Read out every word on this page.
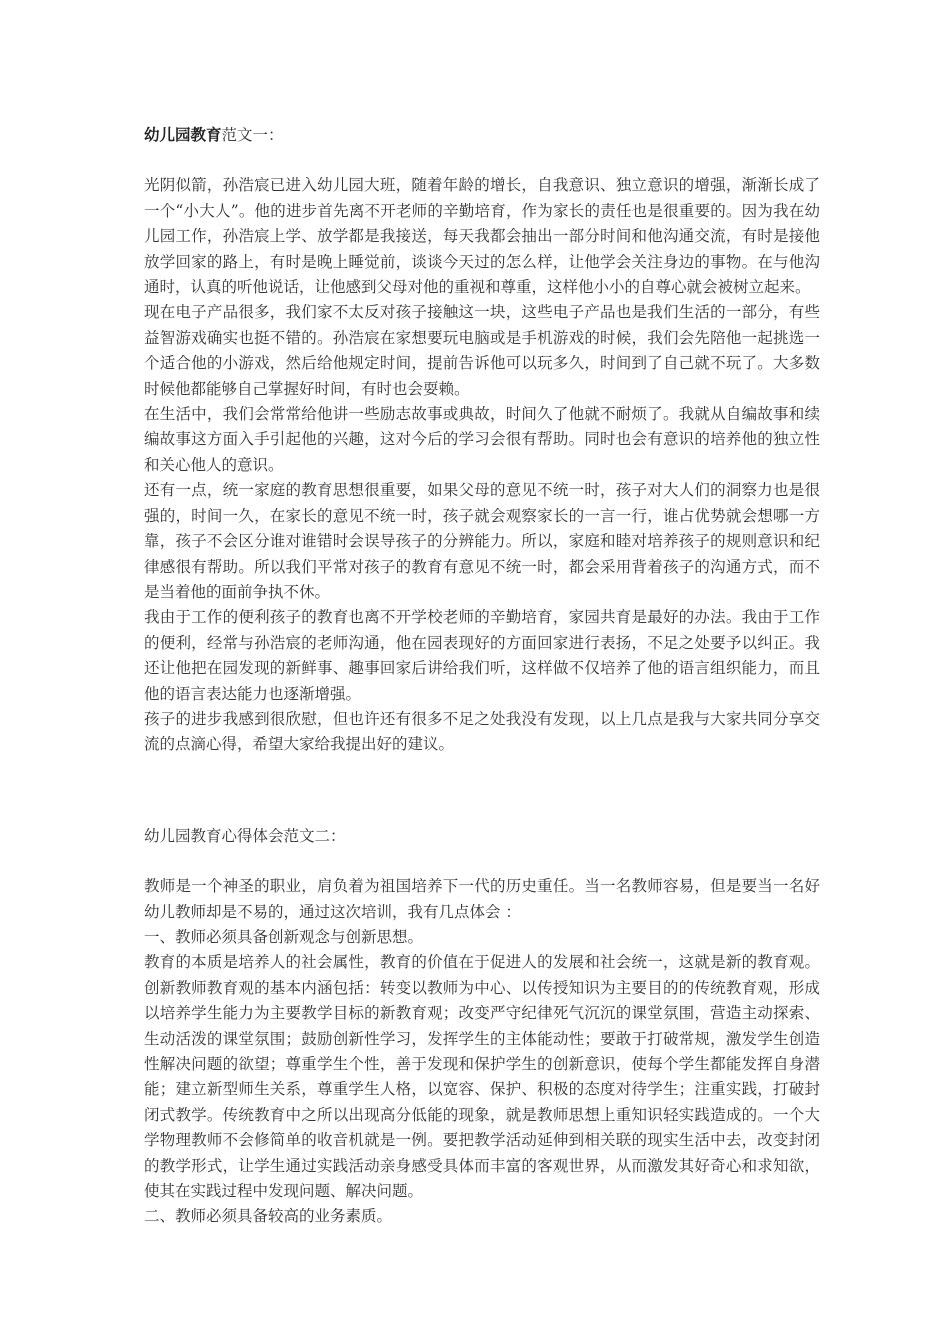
幼儿园教育范文一：

光阴似箭，孙浩宸已进入幼儿园大班，随着年龄的增长，自我意识、独立意识的增强，渐渐长成了一个“小大人”。他的进步首先离不开老师的辛勤培育，作为家长的责任也是很重要的。因为我在幼儿园工作，孙浩宸上学、放学都是我接送，每天我都会抽出一部分时间和他沟通交流，有时是接他放学回家的路上，有时是晚上睡觉前，谈谈今天过的怎么样，让他学会关注身边的事物。在与他沟通时，认真的听他说话，让他感到父母对他的重视和尊重，这样他小小的自尊心就会被树立起来。

现在电子产品很多，我们家不太反对孩子接触这一块，这些电子产品也是我们生活的一部分，有些益智游戏确实也挺不错的。孙浩宸在家想要玩电脑或是手机游戏的时候，我们会先陪他一起挑选一个适合他的小游戏，然后给他规定时间，提前告诉他可以玩多久，时间到了自己就不玩了。大多数时候他都能够自己掌握好时间，有时也会耍赖。

在生活中，我们会常常给他讲一些励志故事或典故，时间久了他就不耐烦了。我就从自编故事和续编故事这方面入手引起他的兴趣，这对今后的学习会很有帮助。同时也会有意识的培养他的独立性和关心他人的意识。

还有一点，统一家庭的教育思想很重要，如果父母的意见不统一时，孩子对大人们的洞察力也是很强的，时间一久，在家长的意见不统一时，孩子就会观察家长的一言一行，谁占优势就会想哪一方靠，孩子不会区分谁对谁错时会误导孩子的分辨能力。所以，家庭和睦对培养孩子的规则意识和纪律感很有帮助。所以我们平常对孩子的教育有意见不统一时，都会采用背着孩子的沟通方式，而不是当着他的面前争执不休。

我由于工作的便利孩子的教育也离不开学校老师的辛勤培育，家园共育是最好的办法。我由于工作的便利，经常与孙浩宸的老师沟通，他在园表现好的方面回家进行表扬，不足之处要予以纠正。我还让他把在园发现的新鲜事、趣事回家后讲给我们听，这样做不仅培养了他的语言组织能力，而且他的语言表达能力也逐渐增强。

孩子的进步我感到很欣慰，但也许还有很多不足之处我没有发现，以上几点是我与大家共同分享交流的点滴心得，希望大家给我提出好的建议。

幼儿园教育心得体会范文二：

教师是一个神圣的职业，肩负着为祖国培养下一代的历史重任。当一名教师容易，但是要当一名好幼儿教师却是不易的，通过这次培训，我有几点体会 ：

一、教师必须具备创新观念与创新思想。

教育的本质是培养人的社会属性，教育的价值在于促进人的发展和社会统一，这就是新的教育观。创新教师教育观的基本内涵包括：转变以教师为中心、以传授知识为主要目的的传统教育观，形成以培养学生能力为主要教学目标的新教育观；改变严守纪律死气沉沉的课堂氛围，营造主动探索、生动活泼的课堂氛围；鼓励创新性学习，发挥学生的主体能动性；要敢于打破常规，激发学生创造性解决问题的欲望；尊重学生个性，善于发现和保护学生的创新意识，使每个学生都能发挥自身潜能；建立新型师生关系，尊重学生人格，以宽容、保护、积极的态度对待学生；注重实践，打破封闭式教学。传统教育中之所以出现高分低能的现象，就是教师思想上重知识轻实践造成的。一个大学物理教师不会修简单的收音机就是一例。要把教学活动延伸到相关联的现实生活中去，改变封闭的教学形式，让学生通过实践活动亲身感受具体而丰富的客观世界，从而激发其好奇心和求知欲，使其在实践过程中发现问题、解决问题。

二、教师必须具备较高的业务素质。
